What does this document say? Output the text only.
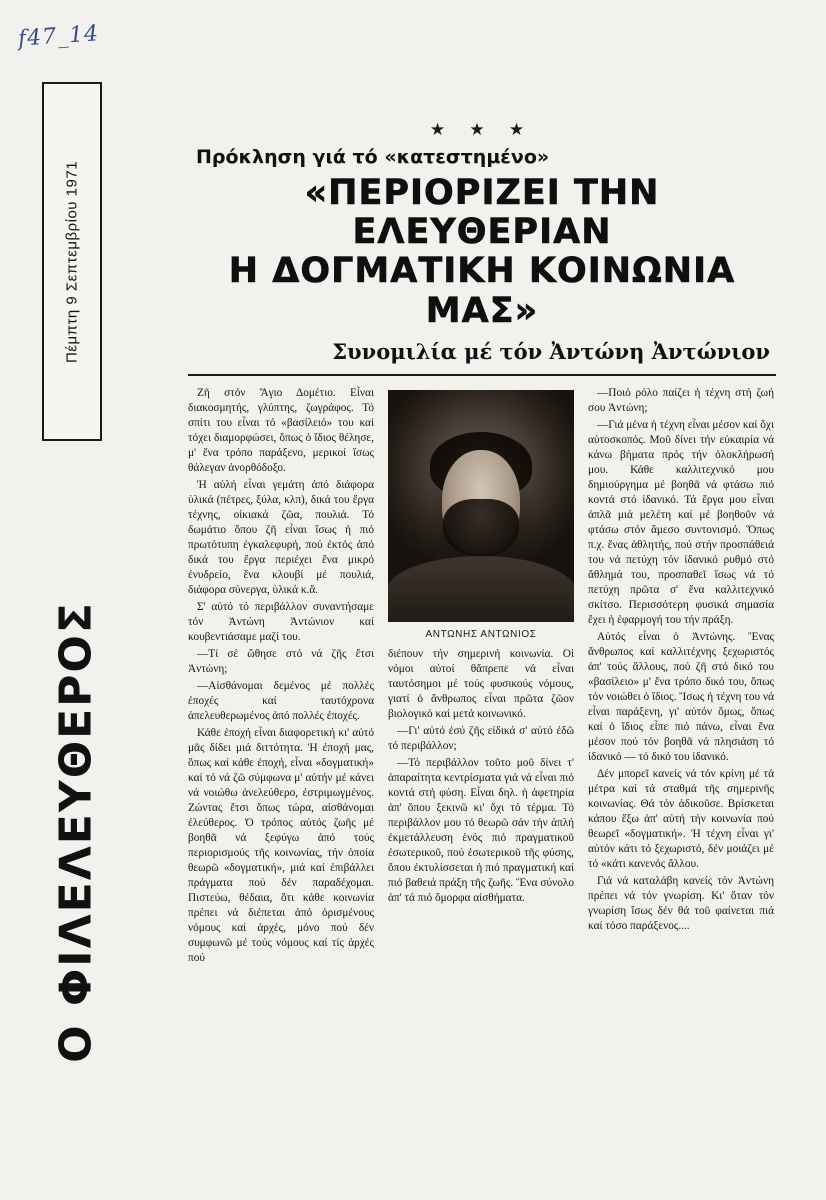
f47_14
Πέμπτη 9 Σεπτεμβρίου 1971
Ο ΦΙΛΕΛΕΥΘΕΡΟΣ
★ ★ ★
Πρόκληση γιά τό «κατεστημένο»
«ΠΕΡΙΟΡΙΖΕΙ ΤΗΝ ΕΛΕΥΘΕΡΙΑΝ
Η ΔΟΓΜΑΤΙΚΗ ΚΟΙΝΩΝΙΑ ΜΑΣ»
Συνομιλία μέ τόν Ἀντώνη Ἀντώνιον

Ζῆ στόν Ἅγιο Δομέτιο. Εἶναι διακοσμητής, γλύπτης, ζωγράφος. Τό σπίτι του εἶναι τό «βασίλειό» του καί τόχει διαμορφώσει, ὅπως ὁ ἴδιος θέλησε, μ' ἕνα τρόπο παράξενο, μερικοί ἴσως θάλεγαν ἀνορθόδοξο.

Ἡ αὐλή εἶναι γεμάτη ἀπό διάφορα ὑλικά (πέτρες, ξύλα, κλπ), δικά του ἔργα τέχνης, οἰκιακά ζῶα, πουλιά. Τό δωμάτιο ὅπου ζῆ εἶναι ἴσως ἡ πιό πρωτότυπη ἐγκαλεφυρή, πού ἐκτός ἀπό δικά του ἔργα περιέχει ἕνα μικρό ἐνυδρείο, ἕνα κλουβί μέ πουλιά, διάφορα σύνεργα, ὑλικά κ.ἄ.

Σ' αὐτό τό περιβάλλον συναντήσαμε τόν Ἀντώνη Ἀντώνιον καί κουβεντιάσαμε μαζί του.

—Τί σέ ὥθησε στό νά ζῆς ἔτσι Ἀντώνη;

—Αἰσθάνομαι δεμένος μέ πολλές ἐποχές καί ταυτόχρονα ἀπελευθερωμένος ἀπό πολλές ἐποχές.

Κάθε ἐποχή εἶναι διαφορετική κι' αὐτό μᾶς δίδει μιά διττότητα. Ἡ ἐποχή μας, ὅπως καί κάθε ἐποχή, εἶναι «δογματική» καί τό νά ζῶ σύμφωνα μ' αὐτήν μέ κάνει νά νοιώθω ἀνελεύθερο, ἐστριμωγμένος. Ζώντας ἔτσι ὅπως τώρα, αἰσθάνομαι ἐλεύθερος. Ὁ τρόπος αὐτός ζωῆς μέ βοηθᾶ νά ξεφύγω ἀπό τούς περιορισμούς τῆς κοινωνίας, τήν ὁποία θεωρῶ «δογματική», μιά καί ἐπιβάλλει πράγματα πού δέν παραδέχομαι. Πιστεύω, θέδαια, ὅτι κάθε κοινωνία πρέπει νά διέπεται ἀπό ὁρισμένους νόμους καί ἀρχές, μόνο πού δέν συμφωνῶ μέ τούς νόμους καί τίς ἀρχές πού

ΑΝΤΩΝΗΣ ΑΝΤΩΝΙΟΣ

διέπουν τήν σημερινή κοινωνία. Οἱ νόμοι αὐτοί θἄπρεπε νά εἶναι ταυτόσημοι μέ τούς φυσικούς νόμους, γιατί ὁ ἄνθρωπος εἶναι πρῶτα ζῶον βιολογικό καί μετά κοινωνικό.

—Γι' αὐτό ἐσύ ζῆς εἰδικά σ' αὐτό ἐδῶ τό περιβάλλον;

—Τό περιβάλλον τοῦτο μοῦ δίνει τ' ἀπαραίτητα κεντρίσματα γιά νά εἶναι πιό κοντά στή φύση. Εἶναι δηλ. ἡ ἀφετηρία ἀπ' ὅπου ξεκινῶ κι' ὄχι τό τέρμα. Τό περιβάλλον μου τό θεωρῶ σάν τήν ἁπλή ἐκμετάλλευση ἑνός πιό πραγματικοῦ ἐσωτερικοῦ, πού ἐσωτερικοῦ τῆς φύσης, ὅπου ἐκτυλίσσεται ἡ πιό πραγματική καί πιό βαθειά πράξη τῆς ζωῆς. Ἕνα σύνολο ἀπ' τά πιό ὄμορφα αἰσθήματα.

—Ποιό ρόλο παίζει ἡ τέχνη στή ζωή σου Ἀντώνη;

—Γιά μένα ἡ τέχνη εἶναι μέσον καί ὄχι αὐτοσκοπός. Μοῦ δίνει τήν εὐκαιρία νά κάνω βήματα πρός τήν ὁλοκλήρωσή μου. Κάθε καλλιτεχνικό μου δημιούργημα μέ βοηθᾶ νά φτάσω πιό κοντά στό ἰδανικό. Τά ἔργα μου εἶναι ἁπλᾶ μιά μελέτη καί μέ βοηθοῦν νά φτάσω στόν ἄμεσο συντονισμό. Ὅπως π.χ. ἕνας ἀθλητής, πού στήν προσπάθειά του νά πετύχη τόν ἰδανικό ρυθμό στό ἄθλημά του, προσπαθεῖ ἴσως νά τό πετύχη πρῶτα σ' ἕνα καλλιτεχνικό σκίτσο. Περισσότερη φυσικά σημασία ἔχει ἡ ἐφαρμογή του τήν πράξη.

Αὐτός εἶναι ὁ Ἀντώνης. Ἕνας ἄνθρωπος καί καλλιτέχνης ξεχωριστός ἀπ' τούς ἄλλους, πού ζῆ στό δικό του «βασίλειο» μ' ἕνα τρόπο δικό του, ὅπως τόν νοιώθει ὁ ἴδιος. Ἴσως ἡ τέχνη του νά εἶναι παράξενη, γι' αὐτόν ὅμως, ὅπως καί ὁ ἴδιος εἶπε πιό πάνω, εἶναι ἕνα μέσον πού τόν βοηθᾶ νά πλησιάση τό ἰδανικό — τό δικό του ἰδανικό.

Δέν μπορεῖ κανείς νά τόν κρίνη μέ τά μέτρα καί τά σταθμά τῆς σημερινῆς κοινωνίας. Θά τόν ἀδικοῦσε. Βρίσκεται κάπου ἔξω ἀπ' αὐτή τήν κοινωνία πού θεωρεῖ «δογματική». Ἡ τέχνη εἶναι γι' αὐτόν κάτι τό ξεχωριστό, δέν μοιάζει μέ τό «κάτι κανενός ἄλλου.

Γιά νά καταλάβη κανείς τόν Ἀντώνη πρέπει νά τόν γνωρίση. Κι' ὅταν τόν γνωρίση ἴσως δέν θά τοῦ φαίνεται πιά καί τόσο παράξενος....
